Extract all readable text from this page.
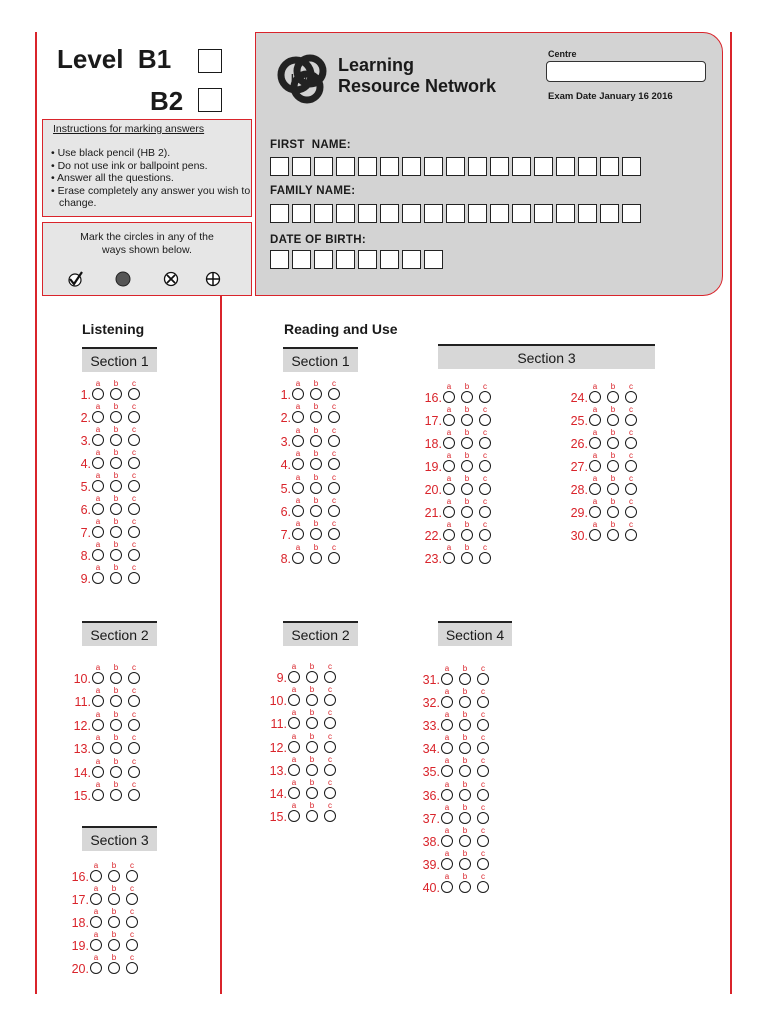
Level  B1
B2
Instructions for marking answers
• Use black pencil (HB 2).
• Do not use ink or ballpoint pens.
• Answer all the questions.
• Erase completely any answer you wish to change.
Mark the circles in any of the ways shown below.
LRN
Learning
Resource Network
Centre
Exam Date January 16 2016
FIRST  NAME:
FAMILY NAME:
DATE OF BIRTH:
Listening	Reading and Use
Section 1
Section 2
Section 3
Section 1
Section 2
Section 3
Section 4
1.
a	b	c
2.
a	b	c
3.
a	b	c
4.
a	b	c
5.
a	b	c
6.
a	b	c
7.
a	b	c
8.
a	b	c
9.
a	b	c
10.
a	b	c
11.
a	b	c
12.
a	b	c
13.
a	b	c
14.
a	b	c
15.
a	b	c
16.
a	b	c
17.
a	b	c
18.
a	b	c
19.
a	b	c
20.
a	b	c
1.
a	b	c
2.
a	b	c
3.
a	b	c
4.
a	b	c
5.
a	b	c
6.
a	b	c
7.
a	b	c
8.
a	b	c
9.
a	b	c
10.
a	b	c
11.
a	b	c
12.
a	b	c
13.
a	b	c
14.
a	b	c
15.
a	b	c
16.
a	b	c
17.
a	b	c
18.
a	b	c
19.
a	b	c
20.
a	b	c
21.
a	b	c
22.
a	b	c
23.
a	b	c
24.
a	b	c
25.
a	b	c
26.
a	b	c
27.
a	b	c
28.
a	b	c
29.
a	b	c
30.
a	b	c
31.
a	b	c
32.
a	b	c
33.
a	b	c
34.
a	b	c
35.
a	b	c
36.
a	b	c
37.
a	b	c
38.
a	b	c
39.
a	b	c
40.
a	b	c
